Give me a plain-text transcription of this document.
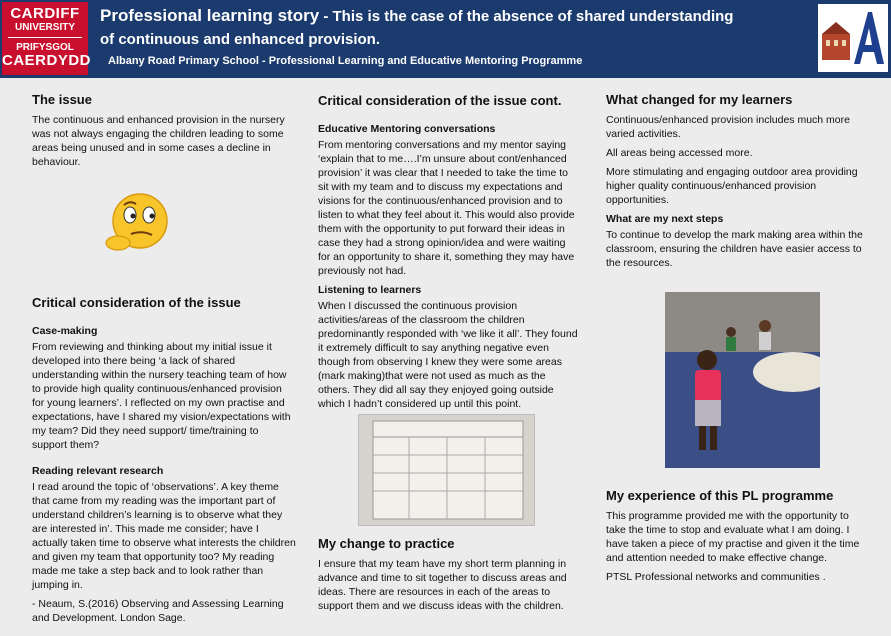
CARDIFF
UNIVERSITY
PRIFYSGOL
CAERDYDD
Professional learning story - This is the case of the absence of shared understanding
of continuous and enhanced provision.
Albany Road Primary School - Professional Learning and Educative Mentoring Programme
The issue

The continuous and enhanced provision in the nursery was not always engaging the children leading to some areas being unused and in some cases a decline in behaviour.

Critical consideration of the issue
Case-making

From reviewing and thinking about my initial issue it developed into there being ‘a lack of shared understanding within the nursery teaching team of how to provide high quality continuous/enhanced provision for young learners’. I reflected on my own practise and expectations, have I shared my vision/expectations with my team? Did they need support/ time/training to support them?

Reading relevant research

I read around the topic of ‘observations’. A key theme that came from my reading was the important part of understand children’s learning is to observe what they are interested in’. This made me consider; have I actually taken time to observe what interests the children and given my team that opportunity too? My reading made me take a step back and to look rather than jumping in.

- Neaum, S.(2016) Observing and Assessing Learning and Development. London Sage.

Critical consideration of the issue cont.
Educative Mentoring conversations

From mentoring conversations and my mentor saying ‘explain that to me….I’m unsure about cont/enhanced provision’ it was clear that I needed to take the time to sit with my team and to discuss my expectations and visions for the continuous/enhanced provision and to listen to what they feel about it. This would also provide them with the opportunity to put forward their ideas in case they had a strong opinion/idea and were waiting for an opportunity to share it, something they may have previously not had.

Listening to learners

When I discussed the continuous provision activities/areas of the classroom the children predominantly responded with ‘we like it all’. They found it extremely difficult to say anything negative even though from observing I knew they were some areas (mark making)that were not used as much as the others. They did all say they enjoyed going outside which I hadn’t considered up until this point.

My change to practice

I ensure that my team have my short term planning in advance and time to sit together to discuss areas and ideas. There are resources in each of the areas to support them and we discuss ideas with the children.

What changed for my learners

Continuous/enhanced provision includes much more varied activities.

All areas being accessed more.

More stimulating and engaging outdoor area providing higher quality continuous/enhanced provision opportunities.

What are my next steps

To continue to develop the mark making area within the classroom, ensuring the children have easier access to the resources.

My experience of this PL programme

This programme provided me with the opportunity to take the time to stop and evaluate what I am doing. I have taken a piece of my practise and given it the time and attention needed to make effective change.

PTSL Professional networks and communities .
